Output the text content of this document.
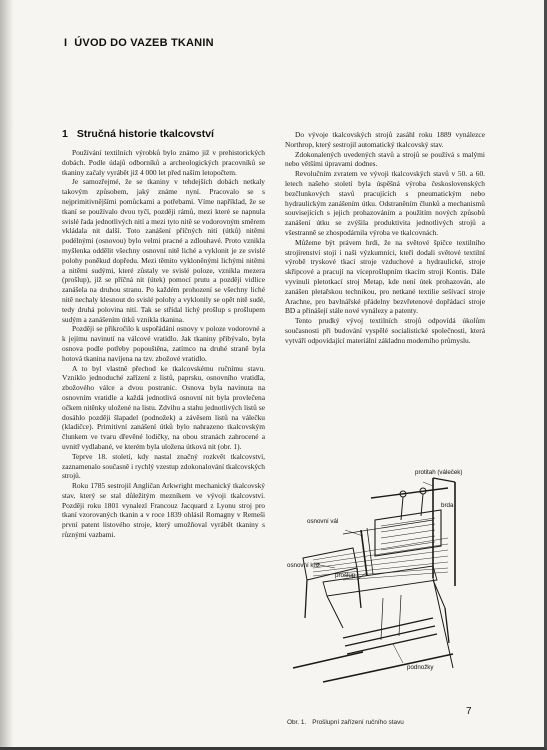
I ÚVOD DO VAZEB TKANIN
1 Stručná historie tkalcovství

Používání textilních výrobků bylo známo již v prehistorických dobách. Podle údajů odborníků a archeologických pracovníků se tkaniny začaly vyrábět již 4 000 let před naším letopočtem.

Je samozřejmé, že se tkaniny v tehdejších dobách netkaly takovým způsobem, jaký známe nyní. Pracovalo se s nejprimitivnějšími pomůckami a potřebami. Víme například, že se tkaní se používalo dvou tyčí, později rámů, mezi které se napnula svislé řada jednotlivých nití a mezi tyto nitě se vodorovným směrem vkládala nit další. Toto zanášení příčných nití (útků) nitěmi podélnými (osnovou) bylo velmi pracné a zdlouhavé. Proto vznikla myšlenka oddělit všechny osnovní nitě liché a vyklonit je ze svislé polohy poněkud dopředu. Mezi těmito vykloněnými lichými nitěmi a nitěmi sudými, které zůstaly ve svislé poloze, vznikla mezera (prošlup), jíž se příčná nit (útek) pomocí prutu a později vidlice zanášela na druhou stranu. Po každém prohození se všechny liché nitě nechaly klesnout do svislé polohy a vyklonily se opět nitě sudé, tedy druhá polovina nití. Tak se střídal lichý prošlup s prošlupem sudým a zanášením útků vznikla tkanina.

Později se přikročilo k uspořádání osnovy v poloze vodorovné a k jejímu navinutí na válcové vratidlo. Jak tkaniny přibývalo, byla osnova podle potřeby popouštěna, zatímco na druhé straně byla hotová tkanina navíjena na tzv. zbožové vratidlo.

A to byl vlastně přechod ke tkalcovskému ručnímu stavu. Vzniklo jednoduché zařízení z listů, paprsku, osnovního vratidla, zbožového válce a dvou postranic. Osnova byla navinuta na osnovním vratidle a každá jednotlivá osnovní nit byla provlečena očkem nitěnky uložené na listu. Zdvihu a stahu jednotlivých listů se dosáhlo později šlapadel (podnožek) a závěsem listů na válečku (kladičce). Primitivní zanášení útků bylo nahrazeno tkalcovským člunkem ve tvaru dřevěné lodičky, na obou stranách zahrocené a uvnitř vydlabané, ve kterém byla uložena útková nit (obr. 1).

Teprve 18. století, kdy nastal značný rozkvět tkalcovství, zaznamenalo současně i rychlý vzestup zdokonalování tkalcovských strojů.

Roku 1785 sestrojil Angličan Arkwright mechanický tkalcovský stav, který se stal důležitým mezníkem ve vývoji tkalcovství. Později roku 1801 vynalezl Francouz Jacquard z Lyonu stroj pro tkaní vzorovaných tkanin a v roce 1839 ohlásil Romagny v Remeši první patent listového stroje, který umožňoval vyrábět tkaniny s různými vazbami.

Do vývoje tkalcovských strojů zasáhl roku 1889 vynálezce Northrop, který sestrojil automatický tkalcovský stav.

Zdokonalených uvedených stavů a strojů se používá s malými nebo většími úpravami dodnes.

Revolučním zvratem ve vývoji tkalcovských stavů v 50. a 60. letech našeho století byla úspěšná výroba československých bezčlunkových stavů pracujících s pneumatickým nebo hydraulickým zanášením útku. Odstraněním člunků a mechanismů souvisejících s jejich prohazováním a použitím nových způsobů zanášení útku se zvýšila produktivita jednotlivých strojů a všestranně se zhospodárnila výroba ve tkalcovnách.

Můžeme být právem hrdi, že na světové špičce textilního strojírenství stojí i naši výzkumníci, kteří dodali světové textilní výrobě tryskové tkací stroje vzduchové a hydraulické, stroje skřipcové a pracují na víceprošlupním tkacím stroji Kontis. Dále vyvinuli pletotkací stroj Metap, kde není útek prohazován, ale zanášen pletařskou technikou, pro netkané textilie sešívací stroje Arachne, pro bavlnářské přádelny bezvřetenové dopřádací stroje BD a přinášejí stále nové vynálezy a patenty.

Tento prudký vývoj textilních strojů odpovídá úkolům současnosti při budování vyspělé socialistické společnosti, která vytváří odpovídající materiální základnu moderního průmyslu.

protitah (váleček)
brda
osnovní vál
osnovní křiž
prošlup
podnožky
Obr. 1. Prošlupní zařízení ručního stavu
7
